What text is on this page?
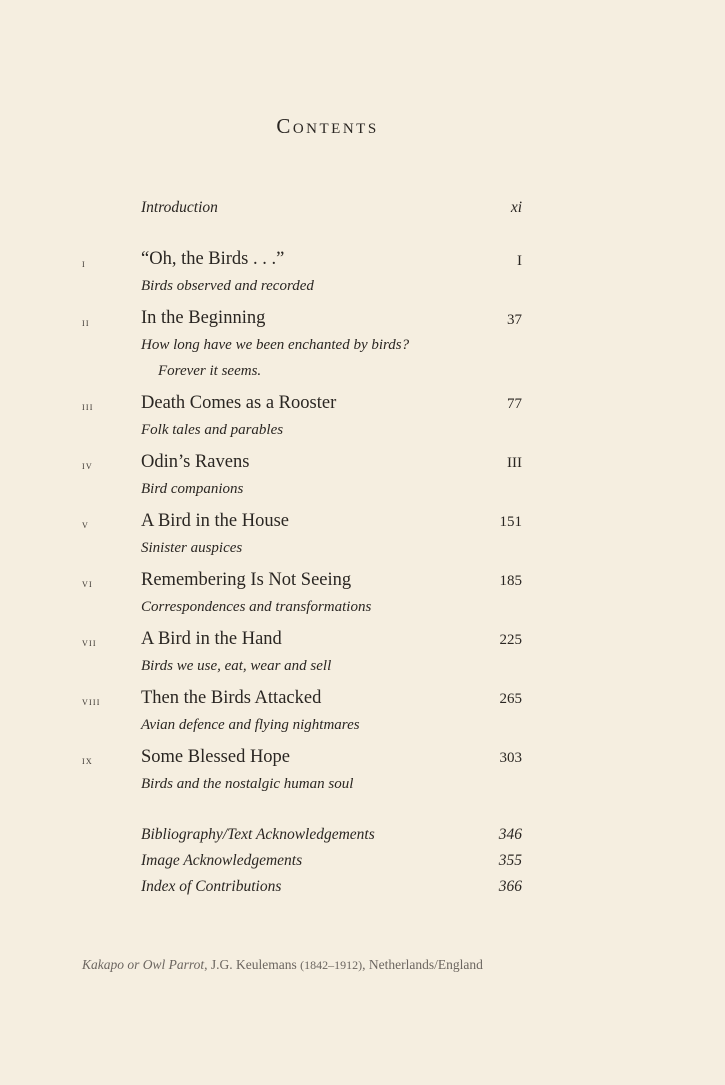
Contents
Introduction	xi
i	“Oh, the Birds . . .”	I
Birds observed and recorded
ii	In the Beginning	37
How long have we been enchanted by birds?
Forever it seems.
iii	Death Comes as a Rooster	77
Folk tales and parables
iv	Odin’s Ravens	III
Bird companions
v	A Bird in the House	151
Sinister auspices
vi	Remembering Is Not Seeing	185
Correspondences and transformations
vii A Bird in the Hand	225
Birds we use, eat, wear and sell
viii Then the Birds Attacked	265
Avian defence and flying nightmares
ix	Some Blessed Hope	303
Birds and the nostalgic human soul
Bibliography/Text Acknowledgements	346
Image Acknowledgements	355
Index of Contributions	366
Kakapo or Owl Parrot, J.G. Keulemans (1842–1912), Netherlands/England
